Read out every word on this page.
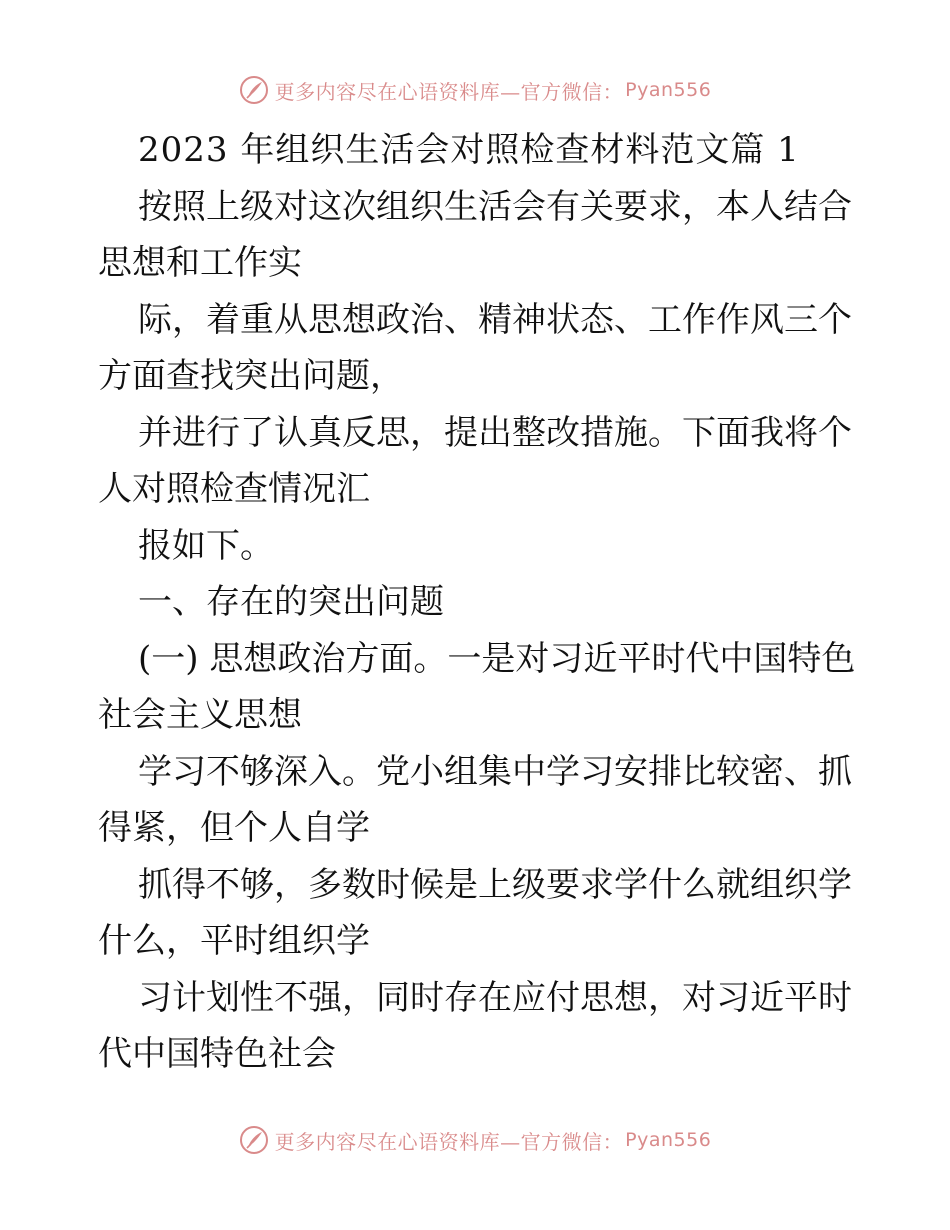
更多内容尽在心语资料库—官方微信： Pyan556
2023 年组织生活会对照检查材料范文篇 1
按照上级对这次组织生活会有关要求，本人结合
思想和工作实
际，着重从思想政治、精神状态、工作作风三个
方面查找突出问题，
并进行了认真反思，提出整改措施。下面我将个
人对照检查情况汇
报如下。
一、存在的突出问题
(一) 思想政治方面。一是对习近平时代中国特色
社会主义思想
学习不够深入。党小组集中学习安排比较密、抓
得紧，但个人自学
抓得不够，多数时候是上级要求学什么就组织学
什么，平时组织学
习计划性不强，同时存在应付思想，对习近平时
代中国特色社会
更多内容尽在心语资料库—官方微信： Pyan556
